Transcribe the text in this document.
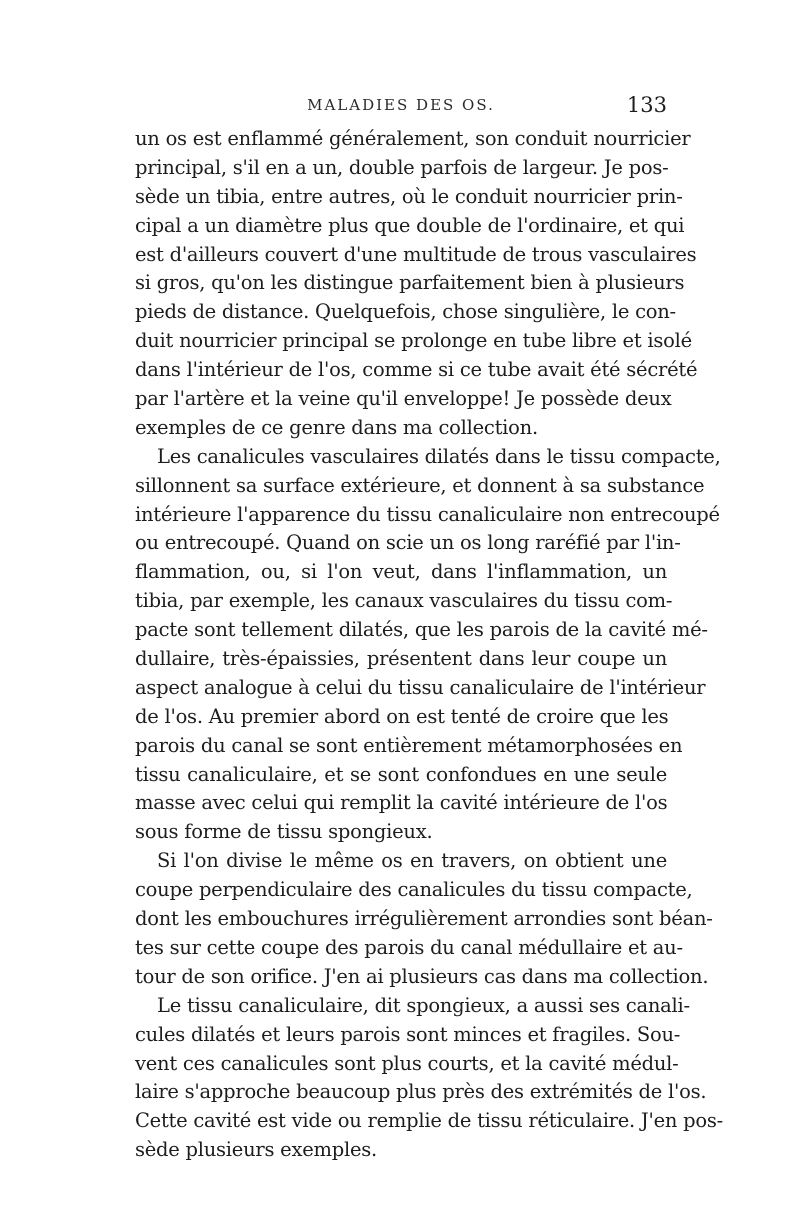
MALADIES DES OS.	133
un os est enflammé généralement, son conduit nourricier
principal, s'il en a un, double parfois de largeur. Je pos-
sède un tibia, entre autres, où le conduit nourricier prin-
cipal a un diamètre plus que double de l'ordinaire, et qui
est d'ailleurs couvert d'une multitude de trous vasculaires
si gros, qu'on les distingue parfaitement bien à plusieurs
pieds de distance. Quelquefois, chose singulière, le con-
duit nourricier principal se prolonge en tube libre et isolé
dans l'intérieur de l'os, comme si ce tube avait été sécrété
par l'artère et la veine qu'il enveloppe! Je possède deux
exemples de ce genre dans ma collection.
Les canalicules vasculaires dilatés dans le tissu compacte,
sillonnent sa surface extérieure, et donnent à sa substance
intérieure l'apparence du tissu canaliculaire non entrecoupé
ou entrecoupé. Quand on scie un os long raréfié par l'in-
flammation, ou, si l'on veut, dans l'inflammation, un
tibia, par exemple, les canaux vasculaires du tissu com-
pacte sont tellement dilatés, que les parois de la cavité mé-
dullaire, très-épaissies, présentent dans leur coupe un
aspect analogue à celui du tissu canaliculaire de l'intérieur
de l'os. Au premier abord on est tenté de croire que les
parois du canal se sont entièrement métamorphosées en
tissu canaliculaire, et se sont confondues en une seule
masse avec celui qui remplit la cavité intérieure de l'os
sous forme de tissu spongieux.
Si l'on divise le même os en travers, on obtient une
coupe perpendiculaire des canalicules du tissu compacte,
dont les embouchures irrégulièrement arrondies sont béan-
tes sur cette coupe des parois du canal médullaire et au-
tour de son orifice. J'en ai plusieurs cas dans ma collection.
Le tissu canaliculaire, dit spongieux, a aussi ses canali-
cules dilatés et leurs parois sont minces et fragiles. Sou-
vent ces canalicules sont plus courts, et la cavité médul-
laire s'approche beaucoup plus près des extrémités de l'os.
Cette cavité est vide ou remplie de tissu réticulaire. J'en pos-
sède plusieurs exemples.
